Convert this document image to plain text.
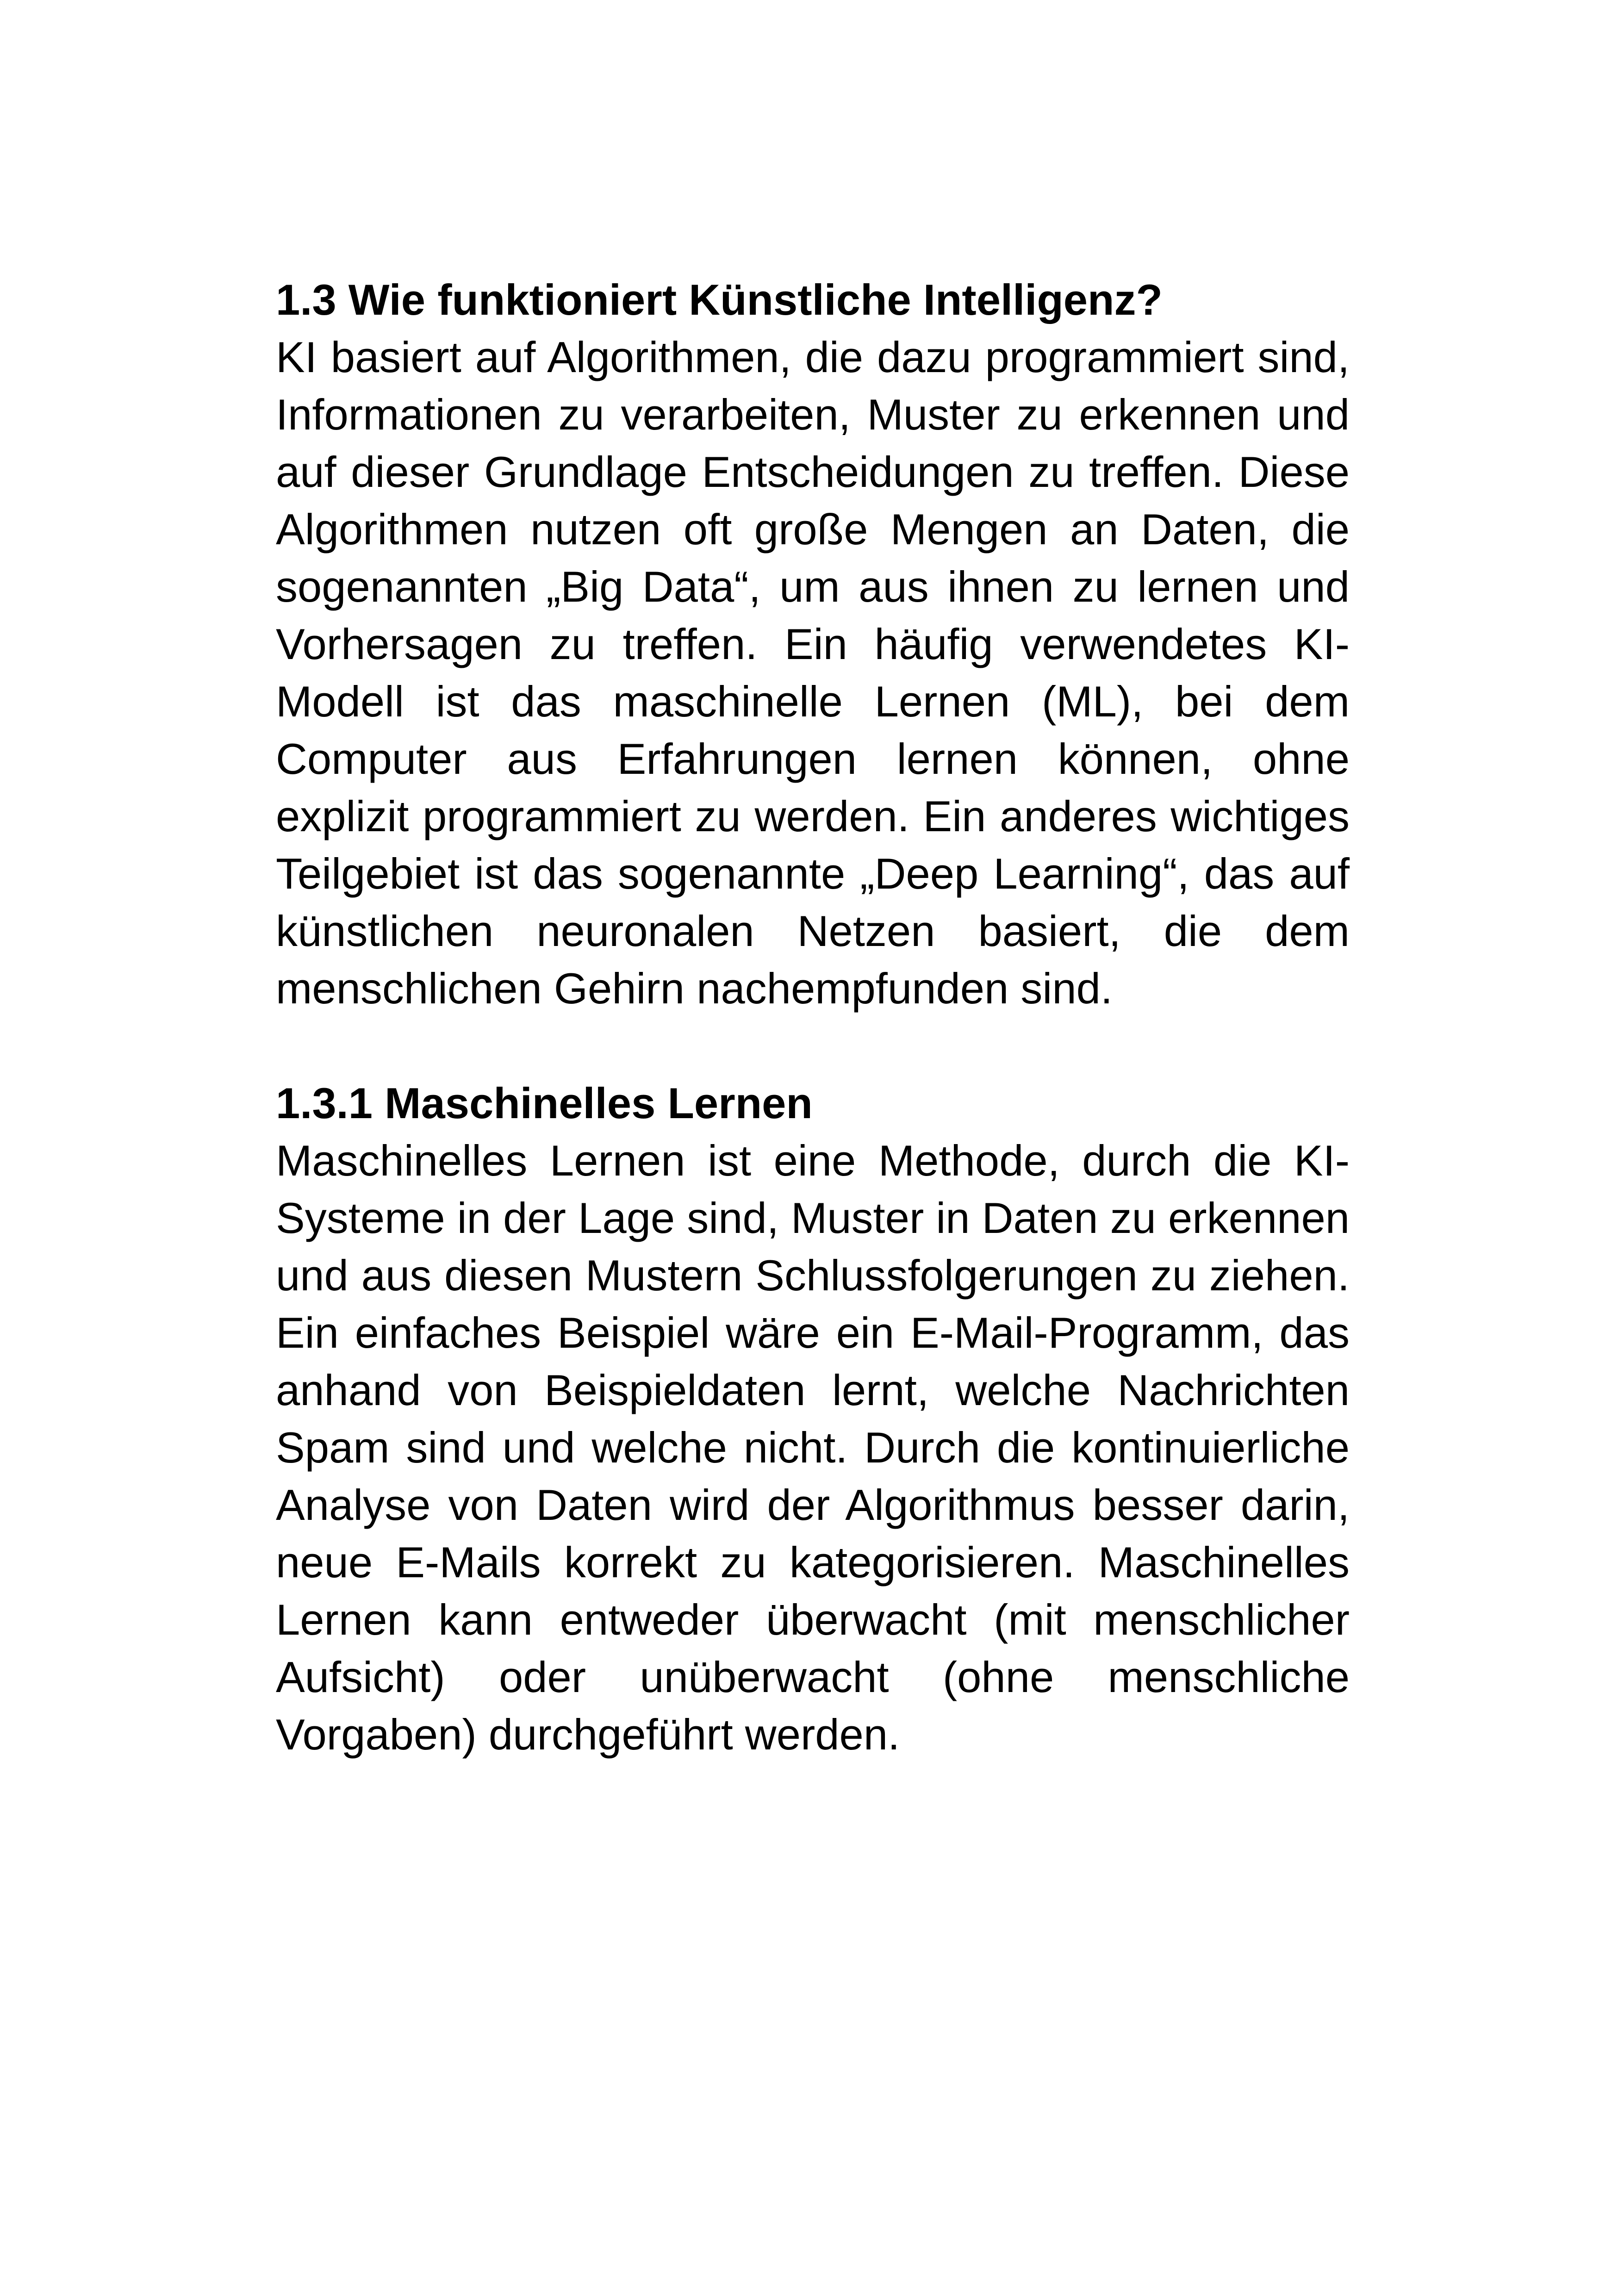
1.3 Wie funktioniert Künstliche Intelligenz?

KI basiert auf Algorithmen, die dazu programmiert sind, Informationen zu verarbeiten, Muster zu erkennen und auf dieser Grundlage Entscheidungen zu treffen. Diese Algorithmen nutzen oft große Mengen an Daten, die sogenannten „Big Data“, um aus ihnen zu lernen und Vorhersagen zu treffen. Ein häufig verwendetes KI-Modell ist das maschinelle Lernen (ML), bei dem Computer aus Erfahrungen lernen können, ohne explizit programmiert zu werden. Ein anderes wichtiges Teilgebiet ist das sogenannte „Deep Learning“, das auf künstlichen neuronalen Netzen basiert, die dem menschlichen Gehirn nachempfunden sind.

1.3.1 Maschinelles Lernen

Maschinelles Lernen ist eine Methode, durch die KI-Systeme in der Lage sind, Muster in Daten zu erkennen und aus diesen Mustern Schlussfolgerungen zu ziehen. Ein einfaches Beispiel wäre ein E-Mail-Programm, das anhand von Beispieldaten lernt, welche Nachrichten Spam sind und welche nicht. Durch die kontinuierliche Analyse von Daten wird der Algorithmus besser darin, neue E-Mails korrekt zu kategorisieren. Maschinelles Lernen kann entweder überwacht (mit menschlicher Aufsicht) oder unüberwacht (ohne menschliche Vorgaben) durchgeführt werden.
